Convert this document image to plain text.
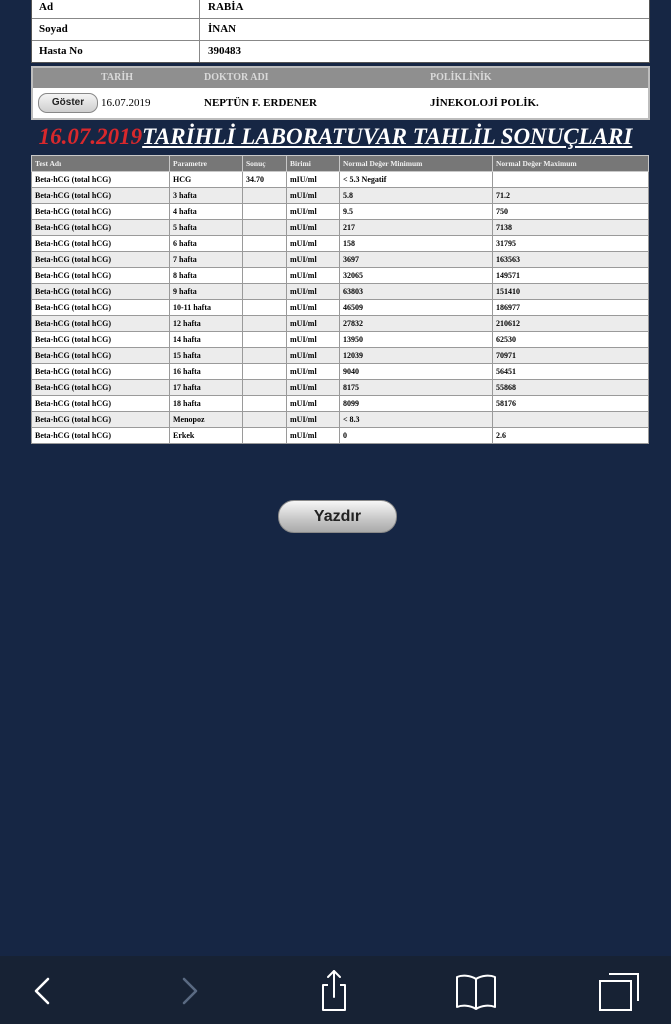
Ad	RABİA
Soyad	İNAN
Hasta No	390483
TARİH	DOKTOR ADI	POLİKLİNİK
Göster	16.07.2019	NEPTÜN F. ERDENER	JİNEKOLOJİ POLİK.
16.07.2019TARİHLİ LABORATUVAR TAHLİL SONUÇLARI
Test Adı	Parametre	Sonuç	Birimi	Normal Değer Minimum	Normal Değer Maximum
Beta-hCG (total hCG)	HCG	34.70	mIU/ml	< 5.3 Negatif	
Beta-hCG (total hCG)	3 hafta		mUI/ml	5.8	71.2
Beta-hCG (total hCG)	4 hafta		mUI/ml	9.5	750
Beta-hCG (total hCG)	5 hafta		mUI/ml	217	7138
Beta-hCG (total hCG)	6 hafta		mUI/ml	158	31795
Beta-hCG (total hCG)	7 hafta		mUI/ml	3697	163563
Beta-hCG (total hCG)	8 hafta		mUI/ml	32065	149571
Beta-hCG (total hCG)	9 hafta		mUI/ml	63803	151410
Beta-hCG (total hCG)	10-11 hafta		mUI/ml	46509	186977
Beta-hCG (total hCG)	12 hafta		mUI/ml	27832	210612
Beta-hCG (total hCG)	14 hafta		mUI/ml	13950	62530
Beta-hCG (total hCG)	15 hafta		mUI/ml	12039	70971
Beta-hCG (total hCG)	16 hafta		mUI/ml	9040	56451
Beta-hCG (total hCG)	17 hafta		mUI/ml	8175	55868
Beta-hCG (total hCG)	18 hafta		mUI/ml	8099	58176
Beta-hCG (total hCG)	Menopoz		mUI/ml	< 8.3	
Beta-hCG (total hCG)	Erkek		mUI/ml	0	2.6
Yazdır
